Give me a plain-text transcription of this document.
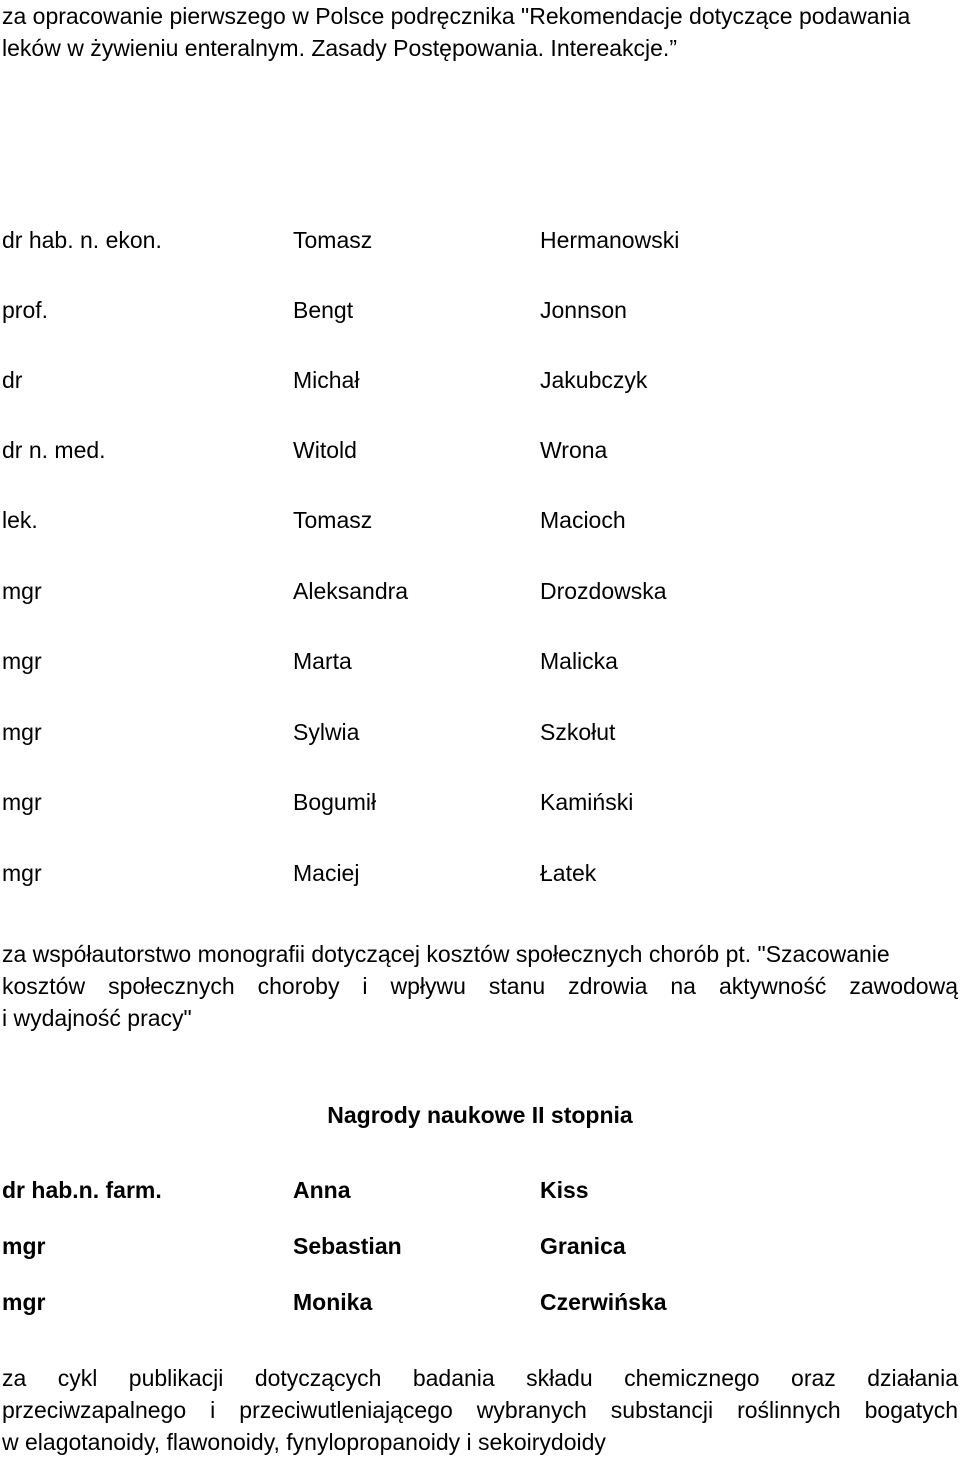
za opracowanie pierwszego w Polsce podręcznika "Rekomendacje dotyczące podawania
leków w żywieniu enteralnym. Zasady Postępowania. Intereakcje.”
dr hab. n. ekon.	Tomasz	Hermanowski
prof.	Bengt	Jonnson
dr	Michał	Jakubczyk
dr n. med.	Witold	Wrona
lek.	Tomasz	Macioch
mgr	Aleksandra	Drozdowska
mgr	Marta	Malicka
mgr	Sylwia	Szkołut
mgr	Bogumił	Kamiński
mgr	Maciej	Łatek
za współautorstwo monografii dotyczącej kosztów społecznych chorób pt. "Szacowanie
kosztów społecznych choroby i wpływu stanu zdrowia na aktywność zawodową
i wydajność pracy"
Nagrody naukowe II stopnia
dr hab.n. farm.	Anna	Kiss
mgr	Sebastian	Granica
mgr	Monika	Czerwińska
za cykl publikacji dotyczących badania składu chemicznego oraz działania
przeciwzapalnego i przeciwutleniającego wybranych substancji roślinnych bogatych
w elagotanoidy, flawonoidy, fynylopropanoidy i sekoirydoidy
